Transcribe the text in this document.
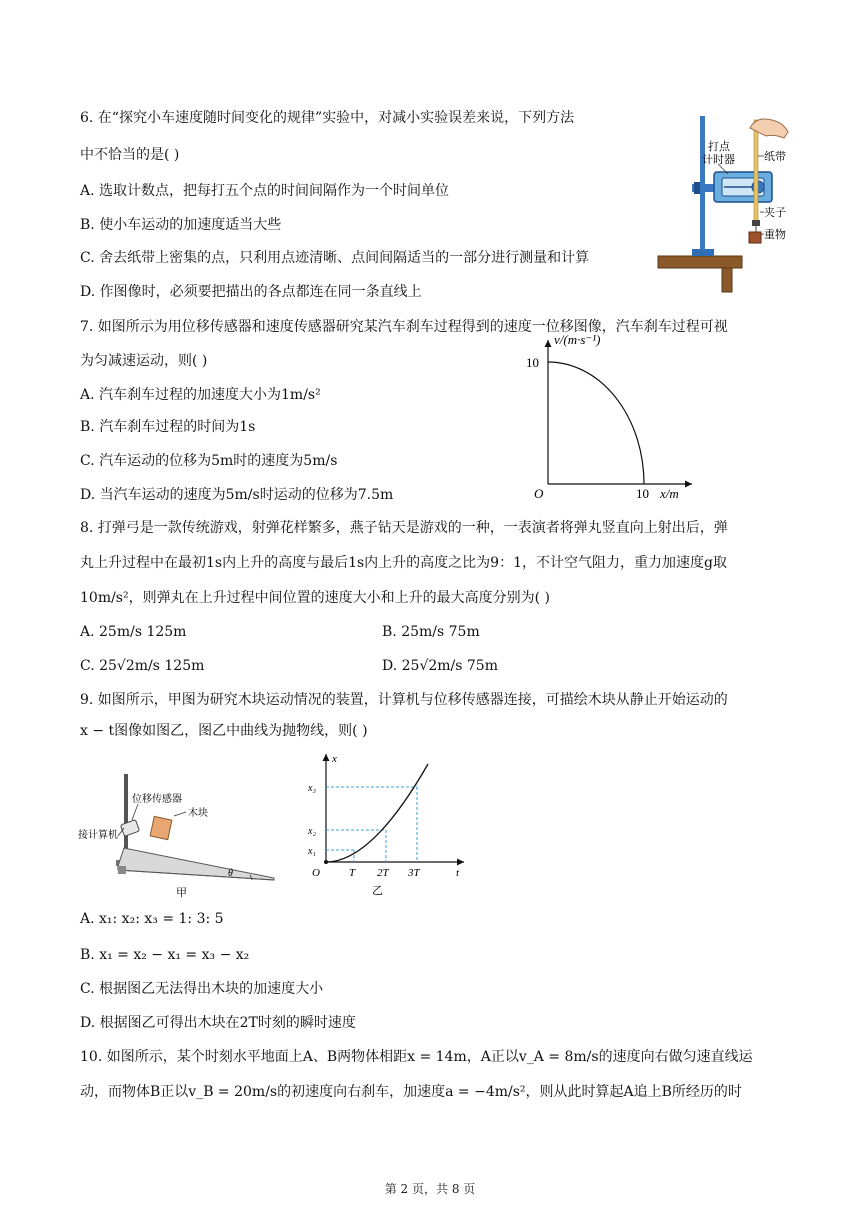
6. 在“探究小车速度随时间变化的规律”实验中，对减小实验误差来说，下列方法
中不恰当的是( )
A. 选取计数点，把每打五个点的时间间隔作为一个时间单位
B. 使小车运动的加速度适当大些
C. 舍去纸带上密集的点，只利用点迹清晰、点间间隔适当的一部分进行测量和计算
D. 作图像时，必须要把描出的各点都连在同一条直线上
打点
计时器	纸带
夹子
重物
7. 如图所示为用位移传感器和速度传感器研究某汽车刹车过程得到的速度一位移图像，汽车刹车过程可视
为匀减速运动，则( )
A. 汽车刹车过程的加速度大小为1m/s²
B. 汽车刹车过程的时间为1s
C. 汽车运动的位移为5m时的速度为5m/s
D. 当汽车运动的速度为5m/s时运动的位移为7.5m
v/(m·s⁻¹)
10
O	10 x/m
8. 打弹弓是一款传统游戏，射弹花样繁多，燕子钻天是游戏的一种，一表演者将弹丸竖直向上射出后，弹
丸上升过程中在最初1s内上升的高度与最后1s内上升的高度之比为9：1，不计空气阻力，重力加速度g取
10m/s²，则弹丸在上升过程中间位置的速度大小和上升的最大高度分别为( )
A. 25m/s 125m	B. 25m/s 75m
C. 25√2m/s 125m	D. 25√2m/s 75m
9. 如图所示，甲图为研究木块运动情况的装置，计算机与位移传感器连接，可描绘木块从静止开始运动的
x − t图像如图乙，图乙中曲线为抛物线，则( )
位移传感器
木块
接计算机
θ
甲
x
t
O
x₃
x₂
x₁
T 2T 3T
乙
A. x₁: x₂: x₃ = 1: 3: 5
B. x₁ = x₂ − x₁ = x₃ − x₂
C. 根据图乙无法得出木块的加速度大小
D. 根据图乙可得出木块在2T时刻的瞬时速度
10. 如图所示，某个时刻水平地面上A、B两物体相距x = 14m，A正以v_A = 8m/s的速度向右做匀速直线运
动，而物体B正以v_B = 20m/s的初速度向右刹车，加速度a = −4m/s²，则从此时算起A追上B所经历的时
第 2 页，共 8 页
